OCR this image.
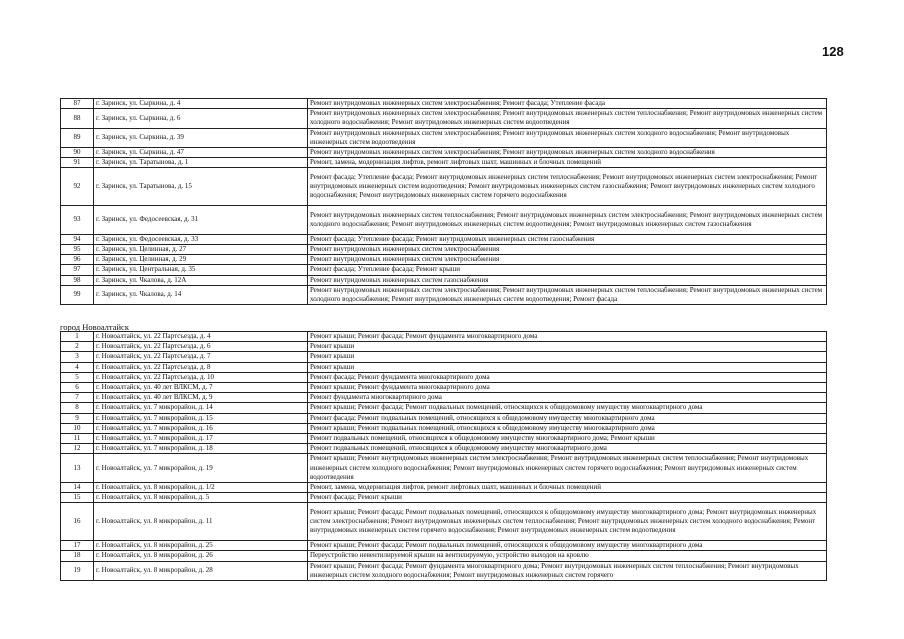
128
87	г. Заринск, ул. Сыркина, д. 4	Ремонт внутридомовых инженерных систем электроснабжения; Ремонт фасада; Утепление фасада
88	г. Заринск, ул. Сыркина, д. 6	Ремонт внутридомовых инженерных систем электроснабжения; Ремонт внутридомовых инженерных систем теплоснабжения; Ремонт внутридомовых инженерных систем холодного водоснабжения; Ремонт внутридомовых инженерных систем водоотведения
89	г. Заринск, ул. Сыркина, д. 39	Ремонт внутридомовых инженерных систем электроснабжения; Ремонт внутридомовых инженерных систем холодного водоснабжения; Ремонт внутридомовых инженерных систем водоотведения
90	г. Заринск, ул. Сыркина, д. 47	Ремонт внутридомовых инженерных систем электроснабжения; Ремонт внутридомовых инженерных систем холодного водоснабжения
91	г. Заринск, ул. Таратынова, д. 1	Ремонт, замена, модернизация лифтов, ремонт лифтовых шахт, машинных и блочных помещений
92	г. Заринск, ул. Таратынова, д. 15	Ремонт фасада; Утепление фасада; Ремонт внутридомовых инженерных систем теплоснабжения; Ремонт внутридомовых инженерных систем электроснабжения; Ремонт внутридомовых инженерных систем водоотведения; Ремонт внутридомовых инженерных систем газоснабжения; Ремонт внутридомовых инженерных систем холодного водоснабжения; Ремонт внутридомовых инженерных систем горячего водоснабжения
93	г. Заринск, ул. Федосеевская, д. 31	Ремонт внутридомовых инженерных систем теплоснабжения; Ремонт внутридомовых инженерных систем электроснабжения; Ремонт внутридомовых инженерных систем холодного водоснабжения; Ремонт внутридомовых инженерных систем водоотведения; Ремонт внутридомовых инженерных систем газоснабжения
94	г. Заринск, ул. Федосеевская, д. 33	Ремонт фасада; Утепление фасада; Ремонт внутридомовых инженерных систем газоснабжения
95	г. Заринск, ул. Целинная, д. 27	Ремонт внутридомовых инженерных систем электроснабжения
96	г. Заринск, ул. Целинная, д. 29	Ремонт внутридомовых инженерных систем электроснабжения
97	г. Заринск, ул. Центральная, д. 35	Ремонт фасада; Утепление фасада; Ремонт крыши
98	г. Заринск, ул. Чкалова, д. 12А	Ремонт внутридомовых инженерных систем газоснабжения
99	г. Заринск, ул. Чкалова, д. 14	Ремонт внутридомовых инженерных систем электроснабжения; Ремонт внутридомовых инженерных систем теплоснабжения; Ремонт внутридомовых инженерных систем холодного водоснабжения; Ремонт внутридомовых инженерных систем водоотведения; Ремонт фасада
город Новоалтайск
1	г. Новоалтайск, ул. 22 Партсъезда, д. 4	Ремонт крыши; Ремонт фасада; Ремонт фундамента многоквартирного дома
2	г. Новоалтайск, ул. 22 Партсъезда, д. 6	Ремонт крыши
3	г. Новоалтайск, ул. 22 Партсъезда, д. 7	Ремонт крыши
4	г. Новоалтайск, ул. 22 Партсъезда, д. 8	Ремонт крыши
5	г. Новоалтайск, ул. 22 Партсъезда, д. 10	Ремонт фасада; Ремонт фундамента многоквартирного дома
6	г. Новоалтайск, ул. 40 лет ВЛКСМ, д. 7	Ремонт крыши; Ремонт фундамента многоквартирного дома
7	г. Новоалтайск, ул. 40 лет ВЛКСМ, д. 9	Ремонт фундамента многоквартирного дома
8	г. Новоалтайск, ул. 7 микрорайон, д. 14	Ремонт крыши; Ремонт фасада; Ремонт подвальных помещений, относящихся к общедомовому имуществу многоквартирного дома
9	г. Новоалтайск, ул. 7 микрорайон, д. 15	Ремонт фасада; Ремонт подвальных помещений, относящихся к общедомовому имуществу многоквартирного дома
10	г. Новоалтайск, ул. 7 микрорайон, д. 16	Ремонт крыши; Ремонт подвальных помещений, относящихся к общедомовому имуществу многоквартирного дома
11	г. Новоалтайск, ул. 7 микрорайон, д. 17	Ремонт подвальных помещений, относящихся к общедомовому имуществу многоквартирного дома; Ремонт крыши
12	г. Новоалтайск, ул. 7 микрорайон, д. 18	Ремонт подвальных помещений, относящихся к общедомовому имуществу многоквартирного дома
13	г. Новоалтайск, ул. 7 микрорайон, д. 19	Ремонт крыши; Ремонт внутридомовых инженерных систем электроснабжения; Ремонт внутридомовых инженерных систем теплоснабжения; Ремонт внутридомовых инженерных систем холодного водоснабжения; Ремонт внутридомовых инженерных систем горячего водоснабжения; Ремонт внутридомовых инженерных систем водоотведения
14	г. Новоалтайск, ул. 8 микрорайон, д. 1/2	Ремонт, замена, модернизация лифтов, ремонт лифтовых шахт, машинных и блочных помещений
15	г. Новоалтайск, ул. 8 микрорайон, д. 5	Ремонт фасада; Ремонт крыши
16	г. Новоалтайск, ул. 8 микрорайон, д. 11	Ремонт крыши; Ремонт фасада; Ремонт подвальных помещений, относящихся к общедомовому имуществу многоквартирного дома; Ремонт внутридомовых инженерных систем электроснабжения; Ремонт внутридомовых инженерных систем теплоснабжения; Ремонт внутридомовых инженерных систем холодного водоснабжения; Ремонт внутридомовых инженерных систем горячего водоснабжения; Ремонт внутридомовых инженерных систем водоотведения
17	г. Новоалтайск, ул. 8 микрорайон, д. 25	Ремонт крыши; Ремонт фасада; Ремонт подвальных помещений, относящихся к общедомовому имуществу многоквартирного дома
18	г. Новоалтайск, ул. 8 микрорайон, д. 26	Переустройство невентилируемой крыши на вентилируемую, устройство выходов на кровлю
19	г. Новоалтайск, ул. 8 микрорайон, д. 28	Ремонт крыши; Ремонт фасада; Ремонт фундамента многоквартирного дома; Ремонт внутридомовых инженерных систем теплоснабжения; Ремонт внутридомовых инженерных систем холодного водоснабжения; Ремонт внутридомовых инженерных систем горячего
